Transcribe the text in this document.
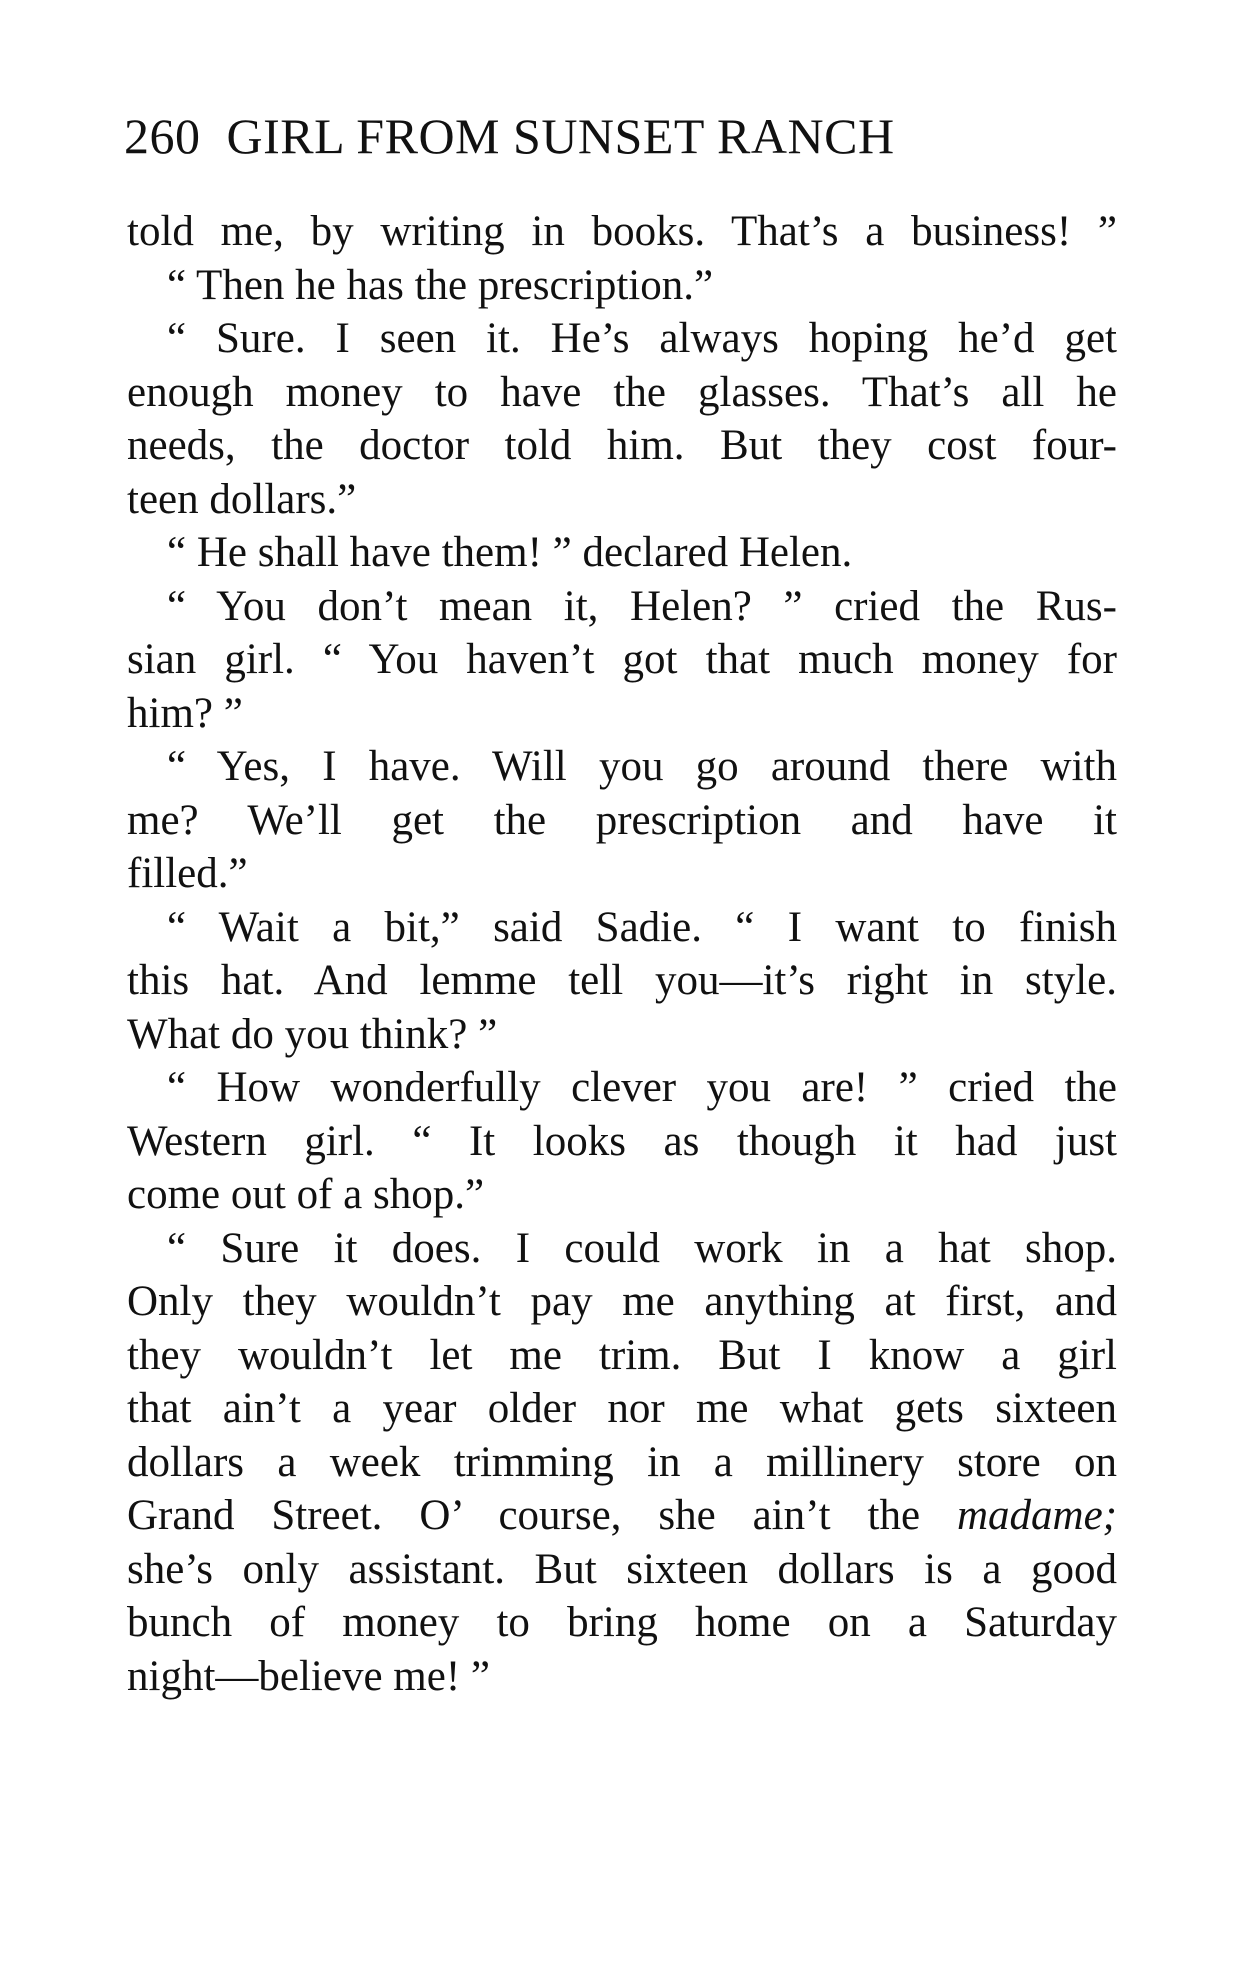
260 GIRL FROM SUNSET RANCH
told me, by writing in books. That’s a business! ”
“ Then he has the prescription.”
“ Sure. I seen it. He’s always hoping he’d get
enough money to have the glasses. That’s all he
needs, the doctor told him. But they cost four-
teen dollars.”
“ He shall have them! ” declared Helen.
“ You don’t mean it, Helen? ” cried the Rus-
sian girl. “ You haven’t got that much money for
him? ”
“ Yes, I have. Will you go around there with
me? We’ll get the prescription and have it
filled.”
“ Wait a bit,” said Sadie. “ I want to finish
this hat. And lemme tell you—it’s right in style.
What do you think? ”
“ How wonderfully clever you are! ” cried the
Western girl. “ It looks as though it had just
come out of a shop.”
“ Sure it does. I could work in a hat shop.
Only they wouldn’t pay me anything at first, and
they wouldn’t let me trim. But I know a girl
that ain’t a year older nor me what gets sixteen
dollars a week trimming in a millinery store on
Grand Street. O’ course, she ain’t the madame;
she’s only assistant. But sixteen dollars is a good
bunch of money to bring home on a Saturday
night—believe me! ”
